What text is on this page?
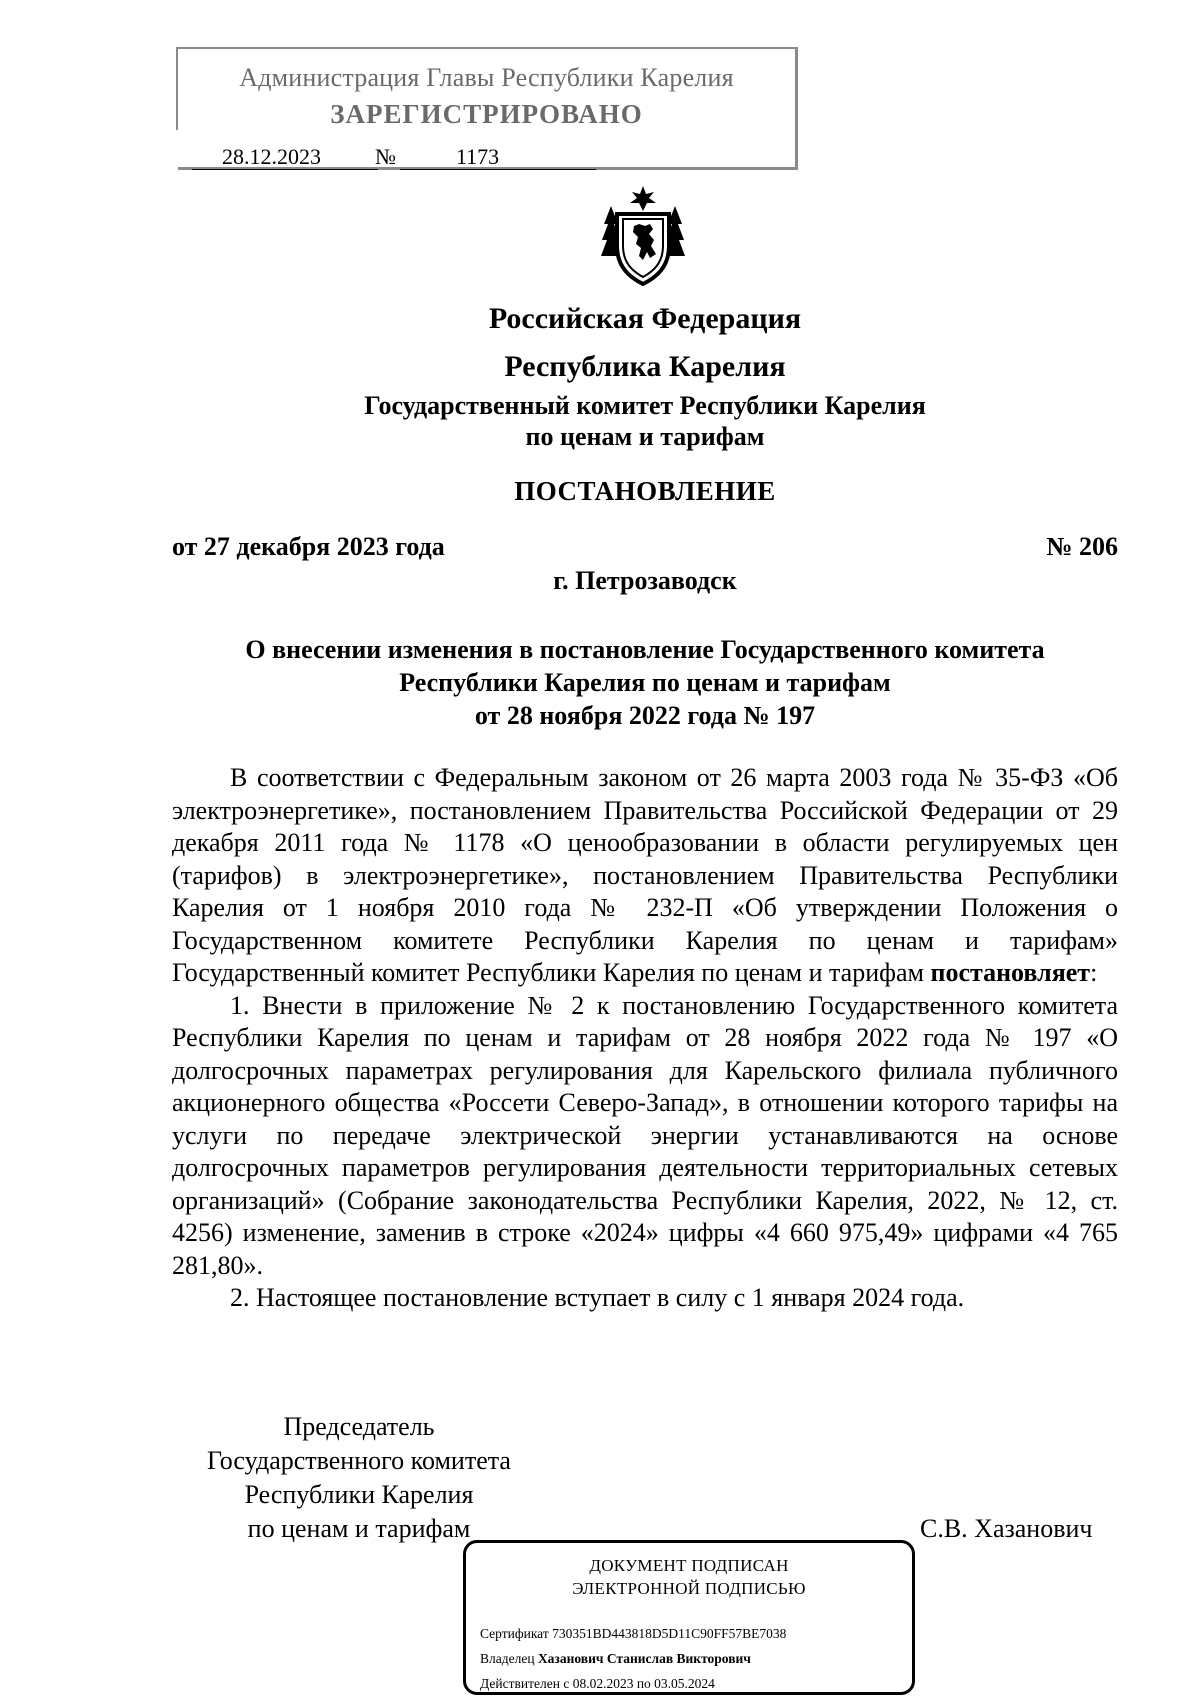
Администрация Главы Республики Карелия
ЗАРЕГИСТРИРОВАНО
28.12.2023	№	1173
Российская Федерация
Республика Карелия
Государственный комитет Республики Карелия
по ценам и тарифам
ПОСТАНОВЛЕНИЕ
от 27 декабря 2023 года	№ 206
г. Петрозаводск
О внесении изменения в постановление Государственного комитета
Республики Карелия по ценам и тарифам
от 28 ноября 2022 года № 197

В соответствии с Федеральным законом от 26 марта 2003 года № 35-ФЗ «Об электроэнергетике», постановлением Правительства Российской Федерации от 29 декабря 2011 года № 1178 «О ценообразовании в области регулируемых цен (тарифов) в электроэнергетике», постановлением Правительства Республики Карелия от 1 ноября 2010 года № 232-П «Об утверждении Положения о Государственном комитете Республики Карелия по ценам и тарифам» Государственный комитет Республики Карелия по ценам и тарифам постановляет:

1. Внести в приложение № 2 к постановлению Государственного комитета Республики Карелия по ценам и тарифам от 28 ноября 2022 года № 197 «О долгосрочных параметрах регулирования для Карельского филиала публичного акционерного общества «Россети Северо-Запад», в отношении которого тарифы на услуги по передаче электрической энергии устанавливаются на основе долгосрочных параметров регулирования деятельности территориальных сетевых организаций» (Собрание законодательства Республики Карелия, 2022, № 12, ст. 4256) изменение, заменив в строке «2024» цифры «4 660 975,49» цифрами «4 765 281,80».

2. Настоящее постановление вступает в силу с 1 января 2024 года.

Председатель
Государственного комитета
Республики Карелия
по ценам и тарифам	С.В. Хазанович
ДОКУМЕНТ ПОДПИСАН
ЭЛЕКТРОННОЙ ПОДПИСЬЮ
Сертификат 730351BD443818D5D11C90FF57BE7038
Владелец Хазанович Станислав Викторович
Действителен с 08.02.2023 по 03.05.2024
